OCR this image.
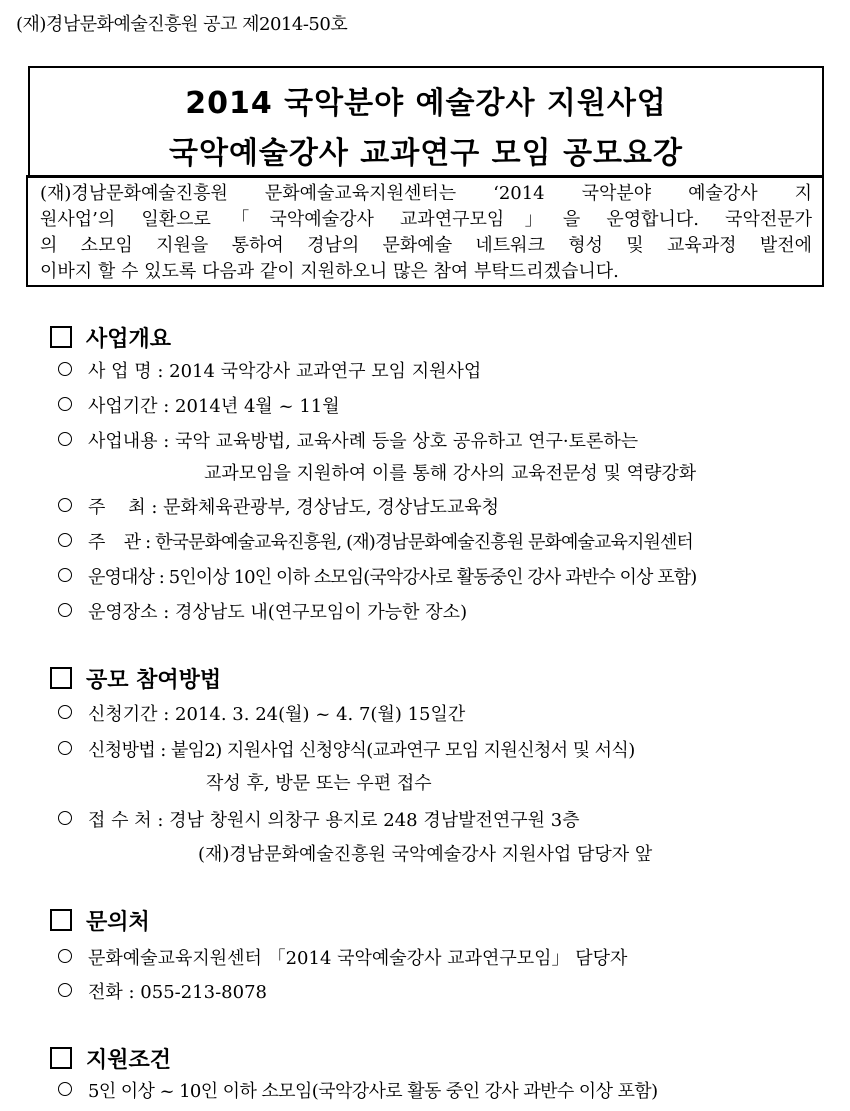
(재)경남문화예술진흥원 공고 제2014-50호
2014 국악분야 예술강사 지원사업
국악예술강사 교과연구 모임 공모요강
(재)경남문화예술진흥원 문화예술교육지원센터는 ‘2014 국악분야 예술강사 지
원사업’의 일환으로「국악예술강사 교과연구모임」을 운영합니다. 국악전문가
의 소모임 지원을 통하여 경남의 문화예술 네트워크 형성 및 교육과정 발전에
이바지 할 수 있도록 다음과 같이 지원하오니 많은 참여 부탁드리겠습니다.
사업개요
사 업 명 : 2014 국악강사 교과연구 모임 지원사업
사업기간 : 2014년 4월 ~ 11월
사업내용 : 국악 교육방법, 교육사례 등을 상호 공유하고 연구·토론하는
교과모임을 지원하여 이를 통해 강사의 교육전문성 및 역량강화
주    최 : 문화체육관광부, 경상남도, 경상남도교육청
주    관 : 한국문화예술교육진흥원, (재)경남문화예술진흥원 문화예술교육지원센터
운영대상 : 5인이상 10인 이하 소모임(국악강사로 활동중인 강사 과반수 이상 포함)
운영장소 : 경상남도 내(연구모임이 가능한 장소)
공모 참여방법
신청기간 : 2014. 3. 24(월) ~ 4. 7(월) 15일간
신청방법 : 붙임2) 지원사업 신청양식(교과연구 모임 지원신청서 및 서식)
작성 후, 방문 또는 우편 접수
접 수 처 : 경남 창원시 의창구 용지로 248 경남발전연구원 3층
(재)경남문화예술진흥원 국악예술강사 지원사업 담당자 앞
문의처
문화예술교육지원센터 「2014 국악예술강사 교과연구모임」 담당자
전화 : 055-213-8078
지원조건
5인 이상 ~ 10인 이하 소모임(국악강사로 활동 중인 강사 과반수 이상 포함)
